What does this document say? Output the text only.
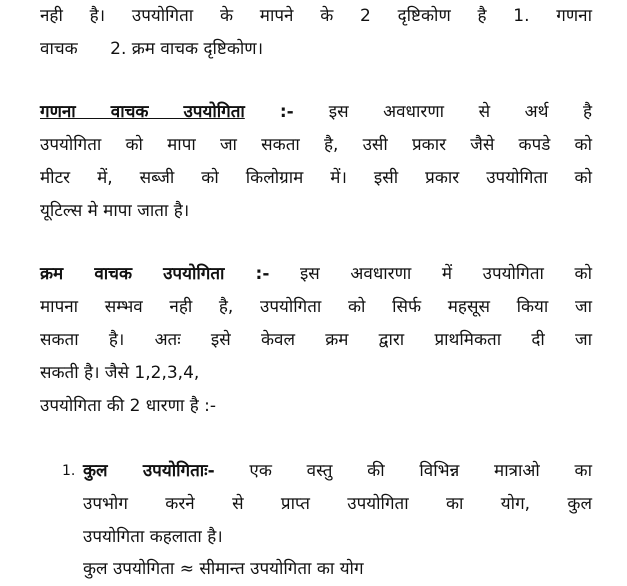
नही है। उपयोगिता के मापने के 2 दृष्टिकोण है 1. गणना
वाचक      2. क्रम वाचक दृष्टिकोण।
गणना वाचक उपयोगिता :- इस अवधारणा से अर्थ है
उपयोगिता को मापा जा सकता है, उसी प्रकार जैसे कपडे को
मीटर में, सब्जी को किलोग्राम में। इसी प्रकार उपयोगिता को
यूटिल्स मे मापा जाता है।
क्रम वाचक उपयोगिता :- इस अवधारणा में उपयोगिता को
मापना सम्भव नही है, उपयोगिता को सिर्फ महसूस किया जा
सकता है। अतः इसे केवल क्रम द्वारा प्राथमिकता दी जा
सकती है। जैसे 1,2,3,4,
उपयोगिता की 2 धारणा है :-
1. कुल उपयोगिताः- एक वस्तु की विभिन्न मात्राओ का
उपभोग करने से प्राप्त उपयोगिता का योग, कुल
उपयोगिता कहलाता है।
कुल उपयोगिता ≈ सीमान्त उपयोगिता का योग
